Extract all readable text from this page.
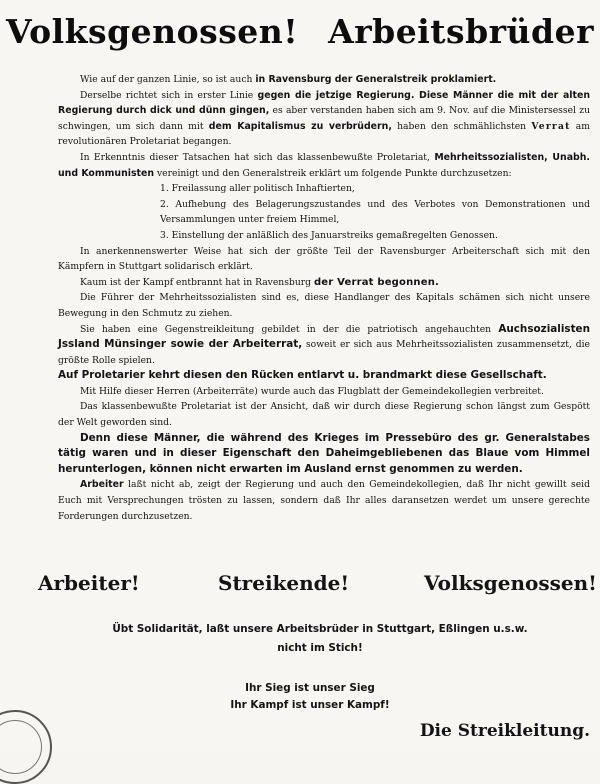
Volksgenossen! Arbeitsbrüder

Wie auf der ganzen Linie, so ist auch in Ravensburg der Generalstreik proklamiert.

Derselbe richtet sich in erster Linie gegen die jetzige Regierung. Diese Männer die mit der alten Regierung durch dick und dünn gingen, es aber verstanden haben sich am 9. Nov. auf die Ministersessel zu schwingen, um sich dann mit dem Kapitalismus zu verbrüdern, haben den schmählichsten Verrat am revolutionären Proletariat begangen.

In Erkenntnis dieser Tatsachen hat sich das klassenbewußte Proletariat, Mehrheitssozialisten, Unabh. und Kommunisten vereinigt und den Generalstreik erklärt um folgende Punkte durchzusetzen:

1. Freilassung aller politisch Inhaftierten,
2. Aufhebung des Belagerungszustandes und des Verbotes von Demonstrationen und Versammlungen unter freiem Himmel,
3. Einstellung der anläßlich des Januarstreiks gemaßregelten Genossen.

In anerkennenswerter Weise hat sich der größte Teil der Ravensburger Arbeiterschaft sich mit den Kämpfern in Stuttgart solidarisch erklärt.

Kaum ist der Kampf entbrannt hat in Ravensburg der Verrat begonnen.

Die Führer der Mehrheitssozialisten sind es, diese Handlanger des Kapitals schämen sich nicht unsere Bewegung in den Schmutz zu ziehen.

Sie haben eine Gegenstreikleitung gebildet in der die patriotisch angehauchten Auchsozialisten Jssland Münsinger sowie der Arbeiterrat, soweit er sich aus Mehrheitssozialisten zusammensetzt, die größte Rolle spielen.

Auf Proletarier kehrt diesen den Rücken entlarvt u. brandmarkt diese Gesellschaft.

Mit Hilfe dieser Herren (Arbeiterräte) wurde auch das Flugblatt der Gemeindekollegien verbreitet.

Das klassenbewußte Proletariat ist der Ansicht, daß wir durch diese Regierung schon längst zum Gespött der Welt geworden sind.

Denn diese Männer, die während des Krieges im Pressebüro des gr. Generalstabes tätig waren und in dieser Eigenschaft den Daheimgebliebenen das Blaue vom Himmel herunterlogen, können nicht erwarten im Ausland ernst genommen zu werden.

Arbeiter laßt nicht ab, zeigt der Regierung und auch den Gemeindekollegien, daß Ihr nicht gewillt seid Euch mit Versprechungen trösten zu lassen, sondern daß Ihr alles daransetzen werdet um unsere gerechte Forderungen durchzusetzen.

Arbeiter!	Streikende!	Volksgenossen!
Übt Solidarität, laßt unsere Arbeitsbrüder in Stuttgart, Eßlingen u.s.w.
nicht im Stich!
Ihr Sieg ist unser Sieg
Ihr Kampf ist unser Kampf!
Die Streikleitung.
